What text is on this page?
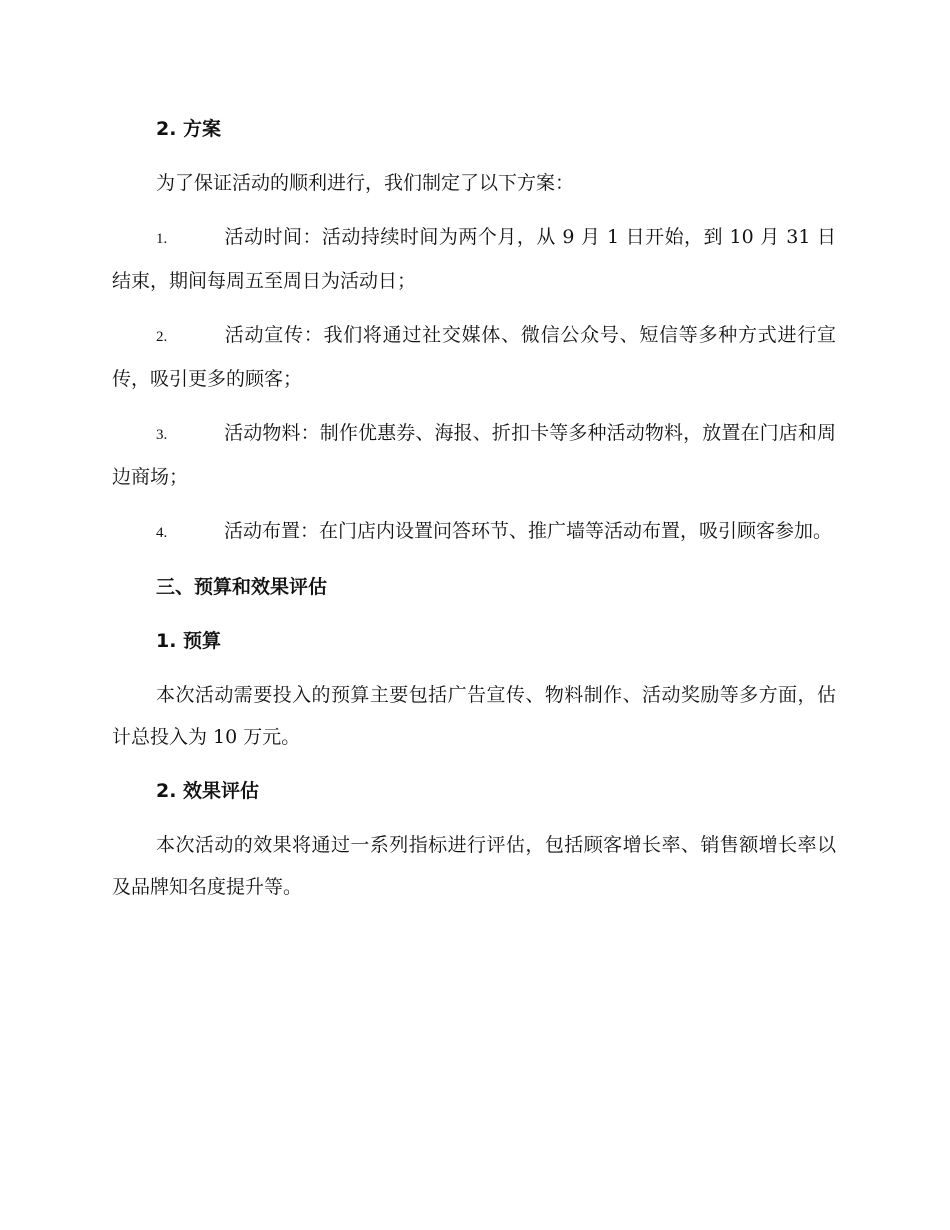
2. 方案

为了保证活动的顺利进行，我们制定了以下方案：

1.	活动时间：活动持续时间为两个月，从 9 月 1 日开始，到 10 月 31 日结束，期间每周五至周日为活动日；

2.	活动宣传：我们将通过社交媒体、微信公众号、短信等多种方式进行宣传，吸引更多的顾客；

3.	活动物料：制作优惠券、海报、折扣卡等多种活动物料，放置在门店和周边商场；

4.	活动布置：在门店内设置问答环节、推广墙等活动布置，吸引顾客参加。

三、预算和效果评估

1. 预算

本次活动需要投入的预算主要包括广告宣传、物料制作、活动奖励等多方面，估计总投入为 10 万元。

2. 效果评估

本次活动的效果将通过一系列指标进行评估，包括顾客增长率、销售额增长率以及品牌知名度提升等。
